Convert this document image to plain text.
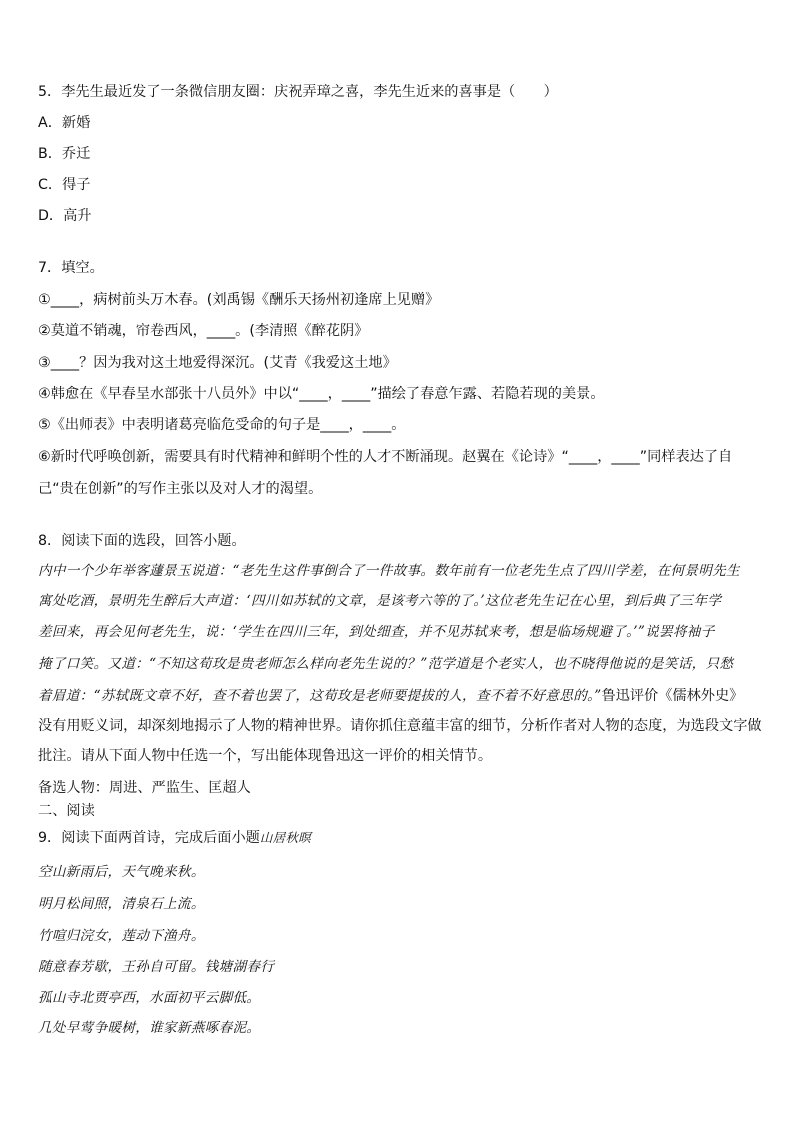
5．李先生最近发了一条微信朋友圈：庆祝弄璋之喜，李先生近来的喜事是（　　）
A．新婚
B．乔迁
C．得子
D．高升
7．填空。
①____，病树前头万木春。(刘禹锡《酬乐天扬州初逢席上见赠》
②莫道不销魂，帘卷西风，____。(李清照《醉花阴》
③____？因为我对这土地爱得深沉。(艾青《我爱这土地》
④韩愈在《早春呈水部张十八员外》中以“____，____”描绘了春意乍露、若隐若现的美景。
⑤《出师表》中表明诸葛亮临危受命的句子是____，____。
⑥新时代呼唤创新，需要具有时代精神和鲜明个性的人才不断涌现。赵翼在《论诗》“____，____”同样表达了自
己“贵在创新”的写作主张以及对人才的渴望。
8．阅读下面的选段，回答小题。
内中一个少年举客蘧景玉说道：“老先生这件事倒合了一件故事。数年前有一位老先生点了四川学差，在何景明先生
寓处吃酒，景明先生醉后大声道：‘四川如苏轼的文章，是该考六等的了。’这位老先生记在心里，到后典了三年学
差回来，再会见何老先生，说：‘学生在四川三年，到处细查，并不见苏轼来考，想是临场规避了。’”说罢将袖子
掩了口笑。又道：“不知这荀玫是贵老师怎么样向老先生说的？”范学道是个老实人，也不晓得他说的是笑话，只愁
着眉道：“苏轼既文章不好，查不着也罢了，这荀玫是老师要提拔的人，查不着不好意思的。”鲁迅评价《儒林外史》
没有用贬义词，却深刻地揭示了人物的精神世界。请你抓住意蕴丰富的细节，分析作者对人物的态度，为选段文字做
批注。请从下面人物中任选一个，写出能体现鲁迅这一评价的相关情节。
备选人物：周进、严监生、匡超人
二、阅读
9．阅读下面两首诗，完成后面小题山居秋暝
空山新雨后，天气晚来秋。
明月松间照，清泉石上流。
竹喧归浣女，莲动下渔舟。
随意春芳歇，王孙自可留。钱塘湖春行
孤山寺北贾亭西，水面初平云脚低。
几处早莺争暖树，谁家新燕啄春泥。
